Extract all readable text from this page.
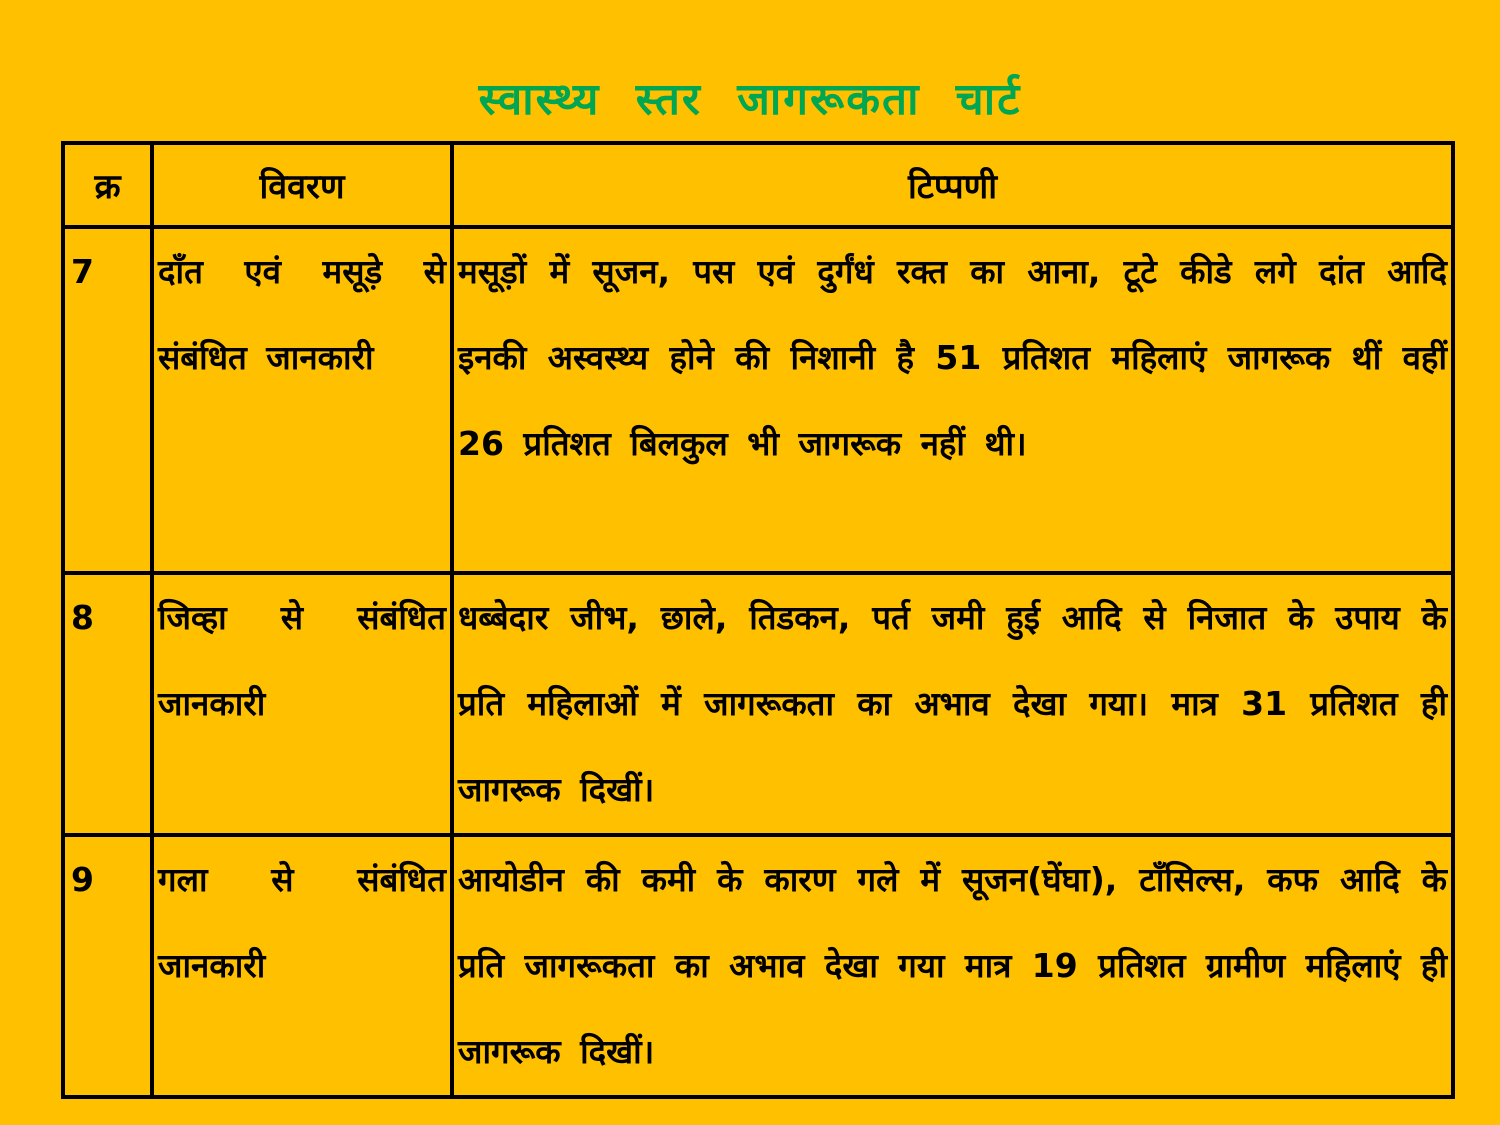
स्वास्थ्य स्तर जागरूकता चार्ट
क्र	विवरण	टिप्पणी

7	दाँत एवं मसूड़े से संबंधित जानकारी	मसूड़ों में सूजन, पस एवं दुर्गंधं रक्त का आना, टूटे कीडे लगे दांत आदि इनकी अस्वस्थ्य होने की निशानी है 51 प्रतिशत महिलाएं जागरूक थीं वहीं 26 प्रतिशत बिलकुल भी जागरूक नहीं थी।

8	जिव्हा से संबंधित जानकारी	धब्बेदार जीभ, छाले, तिडकन, पर्त जमी हुई आदि से निजात के उपाय के प्रति महिलाओं में जागरूकता का अभाव देखा गया। मात्र 31 प्रतिशत ही जागरूक दिखीं।

9	गला से संबंधित जानकारी	आयोडीन की कमी के कारण गले में सूजन(घेंघा), टॉंसिल्स, कफ आदि के प्रति जागरूकता का अभाव देखा गया मात्र 19 प्रतिशत ग्रामीण महिलाएं ही जागरूक दिखीं।
